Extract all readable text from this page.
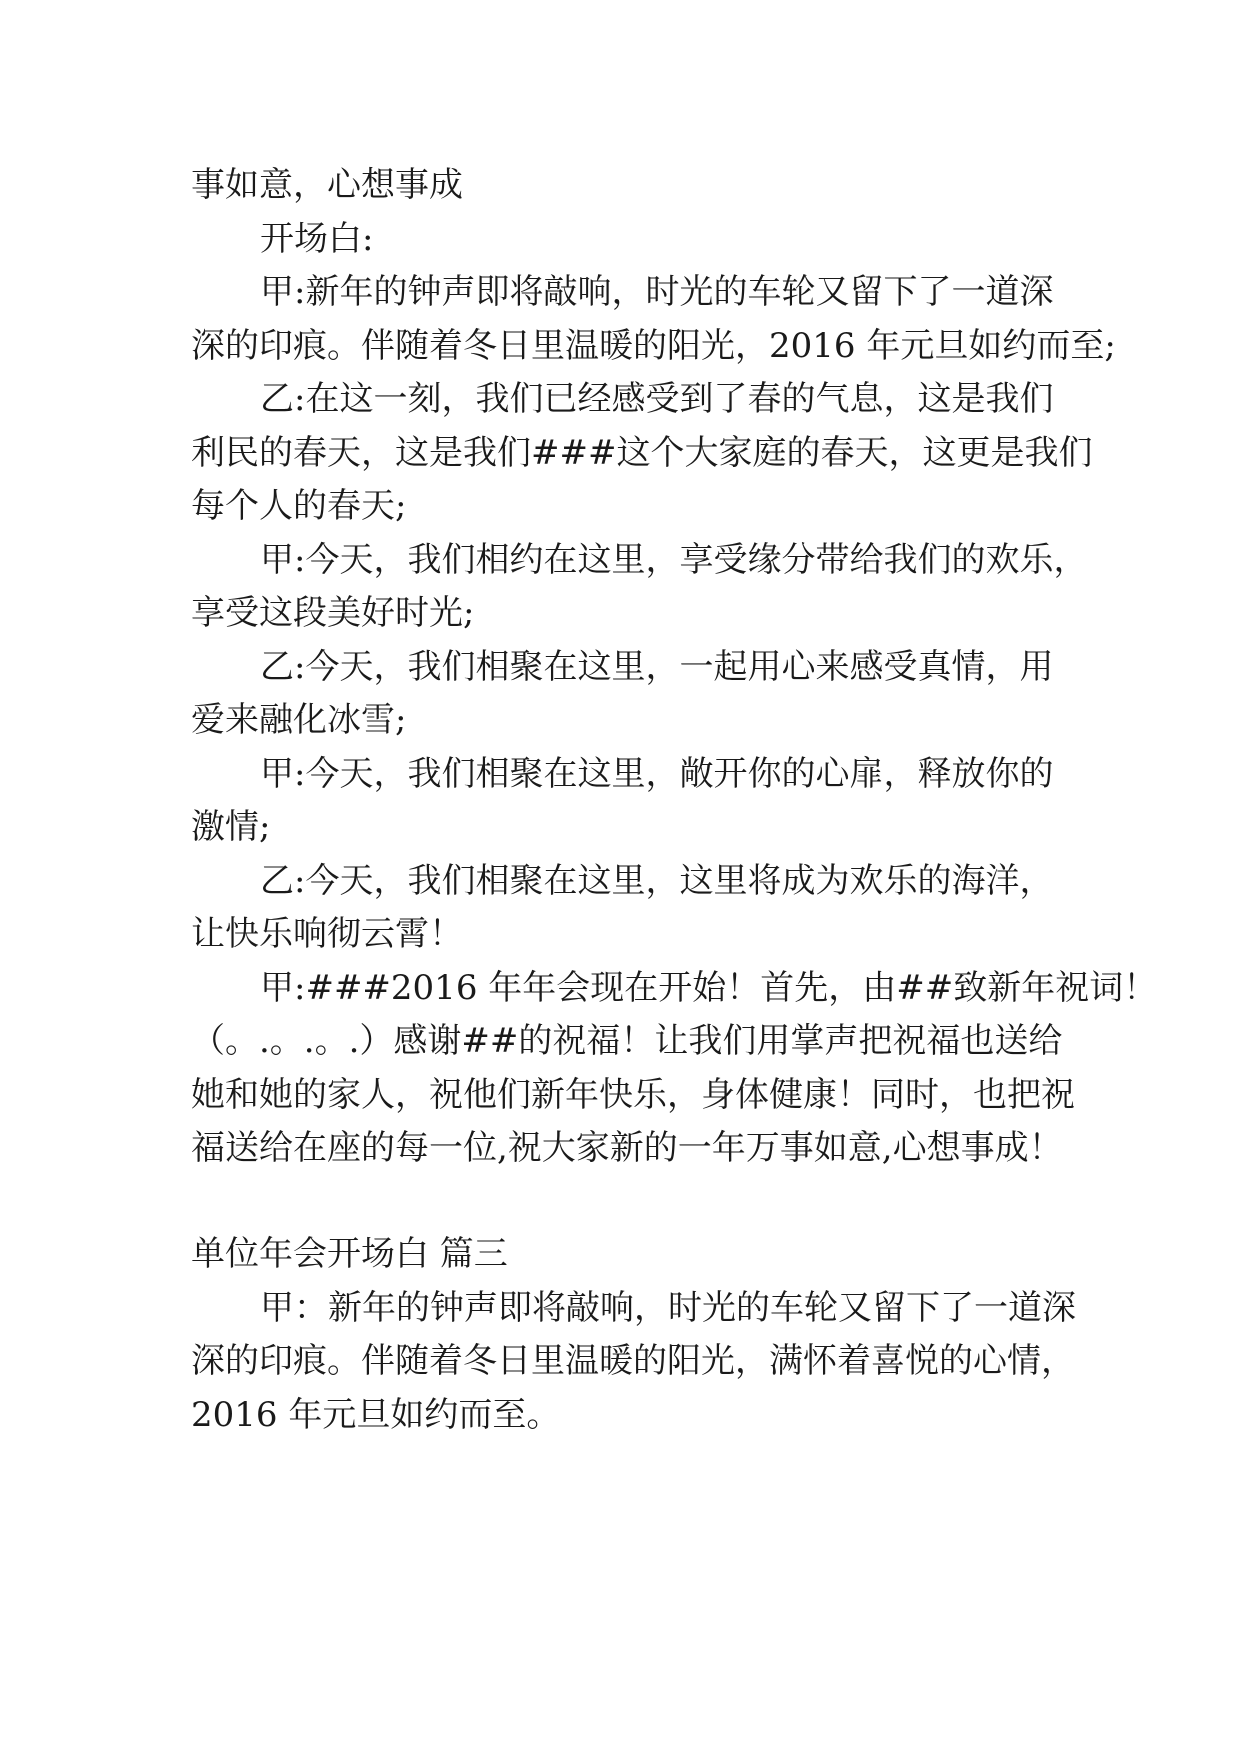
事如意，心想事成
开场白:
甲:新年的钟声即将敲响，时光的车轮又留下了一道深
深的印痕。伴随着冬日里温暖的阳光，2016 年元旦如约而至;
乙:在这一刻，我们已经感受到了春的气息，这是我们
利民的春天，这是我们###这个大家庭的春天，这更是我们
每个人的春天;
甲:今天，我们相约在这里，享受缘分带给我们的欢乐，
享受这段美好时光;
乙:今天，我们相聚在这里，一起用心来感受真情，用
爱来融化冰雪;
甲:今天，我们相聚在这里，敞开你的心扉，释放你的
激情;
乙:今天，我们相聚在这里，这里将成为欢乐的海洋，
让快乐响彻云霄！
甲:###2016 年年会现在开始！首先，由##致新年祝词！
（。.。.。.）感谢##的祝福！让我们用掌声把祝福也送给
她和她的家人，祝他们新年快乐，身体健康！同时，也把祝
福送给在座的每一位,祝大家新的一年万事如意,心想事成！
单位年会开场白 篇三
甲：新年的钟声即将敲响，时光的车轮又留下了一道深
深的印痕。伴随着冬日里温暖的阳光，满怀着喜悦的心情，
2016 年元旦如约而至。
